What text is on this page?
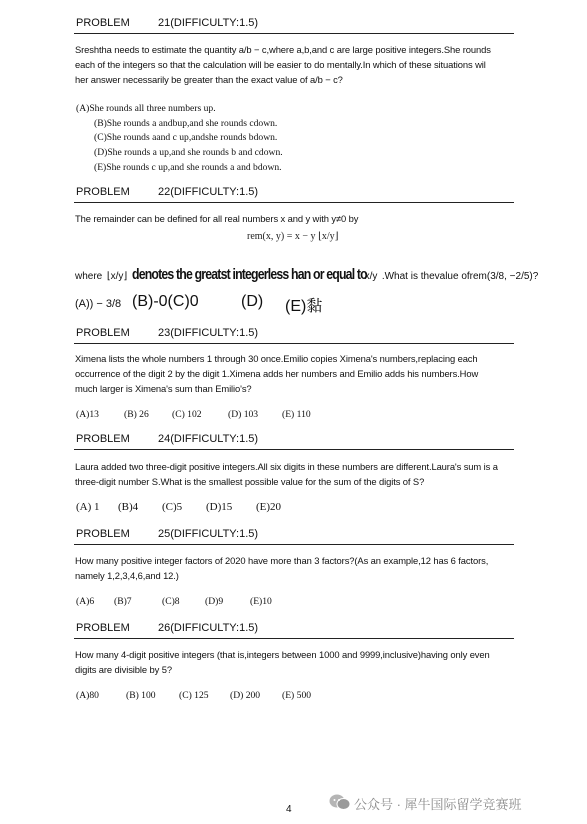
PROBLEM	21(DIFFICULTY:1.5)
Sreshtha needs to estimate the quantity a/b − c,where a,b,and c are large positive integers.She rounds
each of the integers so that the calculation will be easier to do mentally.In which of these situations wil
her answer necessarily be greater than the exact value of a/b − c?
(A)She rounds all three numbers up.
(B)She rounds a andbup,and she rounds cdown.
(C)She rounds aand c up,andshe rounds bdown.
(D)She rounds a up,and she rounds b and cdown.
(E)She rounds c up,and she rounds a and bdown.
PROBLEM	22(DIFFICULTY:1.5)
The remainder can be defined for all real numbers x and y with y≠0 by
rem(x, y) = x − y ⌊x/y⌋
where ⌊x/y⌋ denotes the greatst integerless han or equal to x/y .What is thevalue ofrem(3/8, −2/5)?
(A)) − 3/8 (B)-0(C)0	(D) (E)黏
PROBLEM	23(DIFFICULTY:1.5)
Ximena lists the whole numbers 1 through 30 once.Emilio copies Ximena's numbers,replacing each
occurrence of the digit 2 by the digit 1.Ximena adds her numbers and Emilio adds his numbers.How
much larger is Ximena's sum than Emilio's?
(A)13	(B) 26 (C) 102	(D) 103 (E) 110
PROBLEM	24(DIFFICULTY:1.5)
Laura added two three-digit positive integers.All six digits in these numbers are different.Laura's sum is a
three-digit number S.What is the smallest possible value for the sum of the digits of S?
(A) 1 (B)4 (C)5 (D)15 (E)20
PROBLEM	25(DIFFICULTY:1.5)
How many positive integer factors of 2020 have more than 3 factors?(As an example,12 has 6 factors,
namely 1,2,3,4,6,and 12.)
(A)6 (B)7	(C)8	(D)9	(E)10
PROBLEM	26(DIFFICULTY:1.5)
How many 4-digit positive integers (that is,integers between 1000 and 9999,inclusive)having only even
digits are divisible by 5?
(A)80	(B) 100 (C) 125 (D) 200 (E) 500
4	公众号 · 犀牛国际留学竞赛班
